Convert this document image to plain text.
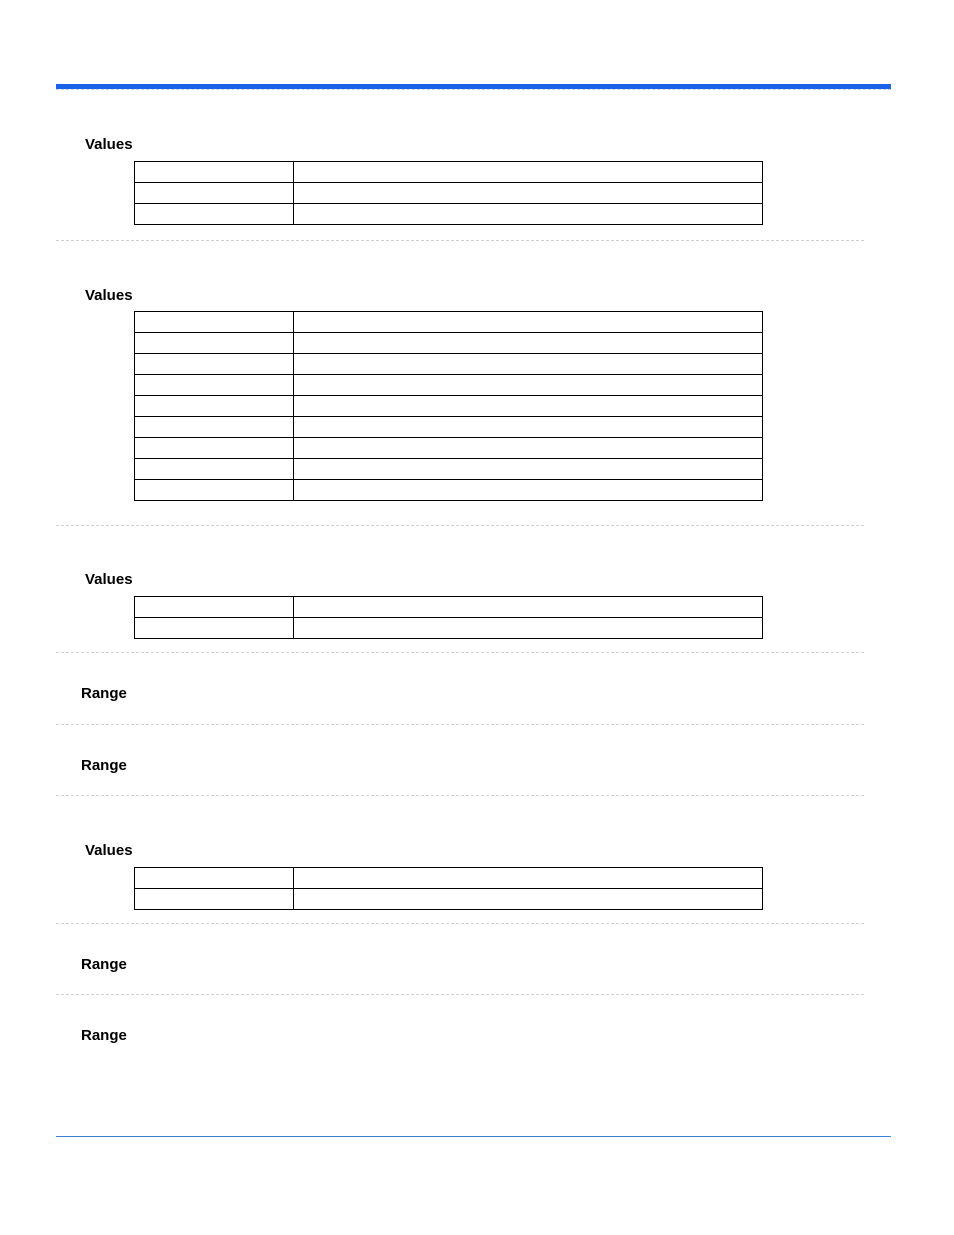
Values

Values

Values

Range
Range
Values

Range
Range
